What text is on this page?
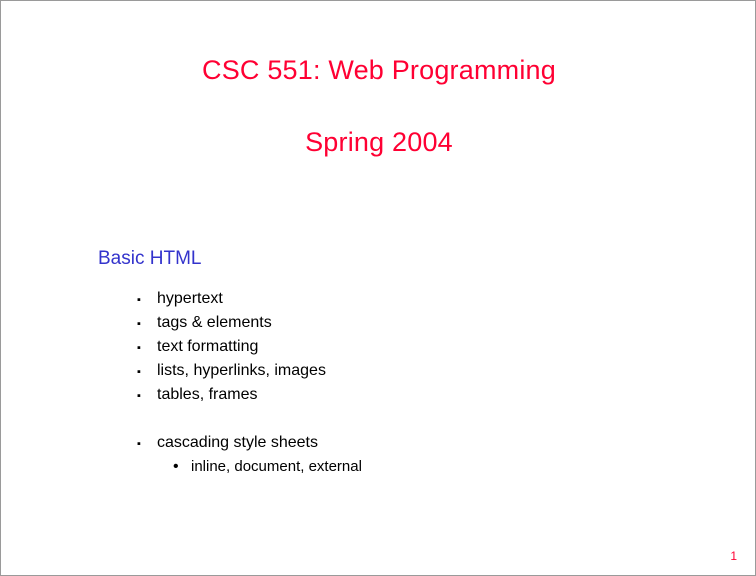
CSC 551: Web Programming
Spring 2004
Basic HTML
▪	hypertext
▪	tags & elements
▪	text formatting
▪	lists, hyperlinks, images
▪	tables, frames
▪	cascading style sheets
• inline, document, external
1
